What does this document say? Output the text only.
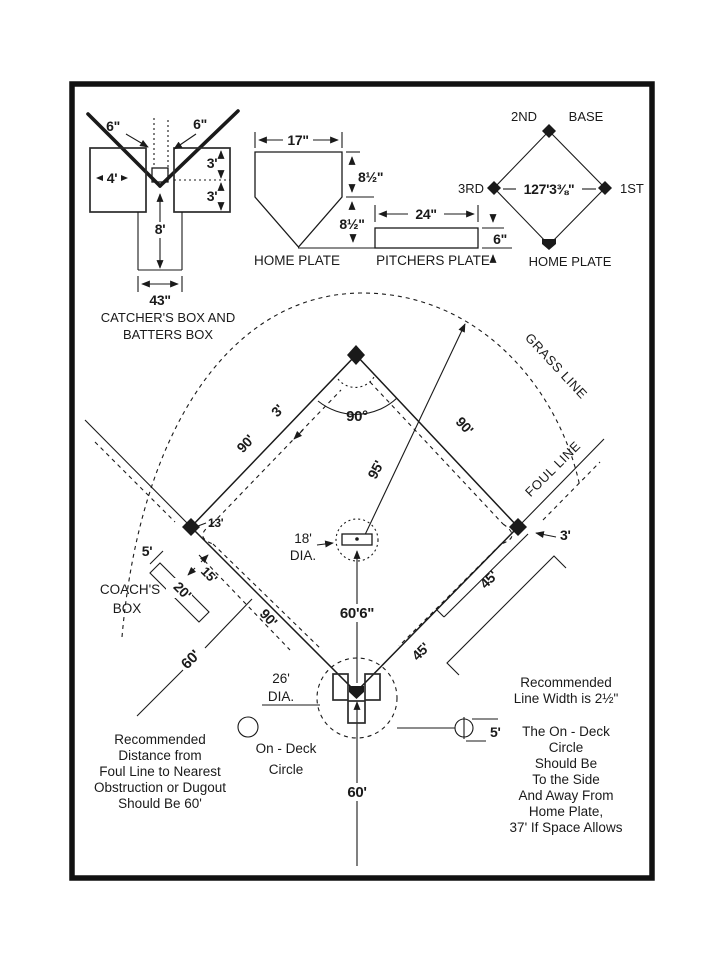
6"	6"
4'
3'
3'
8'
43"
CATCHER'S BOX AND
BATTERS BOX
17"
8½"
8½"
HOME PLATE
24"
6"
PITCHERS PLATE
2ND BASE
3RD	1ST
127'3⅜"
HOME PLATE
GRASS LINE
FOUL LINE
3'
95'
90°
90'
90'
90'
18'
DIA.
60'6"
60'
13'
26'
DIA.
5'
20'
15'
COACH'S
BOX
45'
45'
3'
On - Deck
Circle
5'
60'
Recommended
Distance from
Foul Line to Nearest
Obstruction or Dugout
Should Be 60'
Recommended
Line Width is 2½"
The On - Deck
Circle
Should Be
To the Side
And Away From
Home Plate,
37' If Space Allows
